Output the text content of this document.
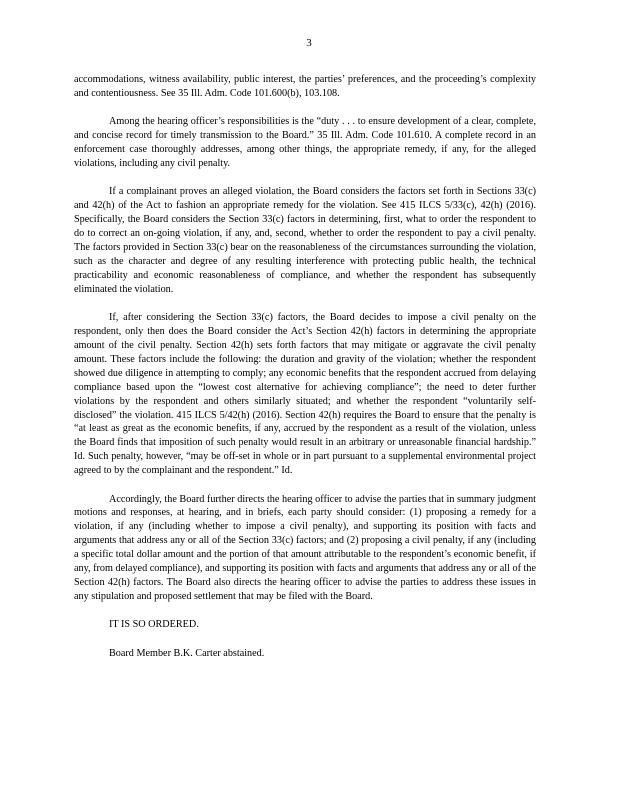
3

accommodations, witness availability, public interest, the parties’ preferences, and the proceeding’s complexity and contentiousness. See 35 Ill. Adm. Code 101.600(b), 103.108.

Among the hearing officer’s responsibilities is the “duty . . . to ensure development of a clear, complete, and concise record for timely transmission to the Board.” 35 Ill. Adm. Code 101.610. A complete record in an enforcement case thoroughly addresses, among other things, the appropriate remedy, if any, for the alleged violations, including any civil penalty.

If a complainant proves an alleged violation, the Board considers the factors set forth in Sections 33(c) and 42(h) of the Act to fashion an appropriate remedy for the violation. See 415 ILCS 5/33(c), 42(h) (2016). Specifically, the Board considers the Section 33(c) factors in determining, first, what to order the respondent to do to correct an on-going violation, if any, and, second, whether to order the respondent to pay a civil penalty. The factors provided in Section 33(c) bear on the reasonableness of the circumstances surrounding the violation, such as the character and degree of any resulting interference with protecting public health, the technical practicability and economic reasonableness of compliance, and whether the respondent has subsequently eliminated the violation.

If, after considering the Section 33(c) factors, the Board decides to impose a civil penalty on the respondent, only then does the Board consider the Act’s Section 42(h) factors in determining the appropriate amount of the civil penalty. Section 42(h) sets forth factors that may mitigate or aggravate the civil penalty amount. These factors include the following: the duration and gravity of the violation; whether the respondent showed due diligence in attempting to comply; any economic benefits that the respondent accrued from delaying compliance based upon the “lowest cost alternative for achieving compliance”; the need to deter further violations by the respondent and others similarly situated; and whether the respondent “voluntarily self-disclosed” the violation. 415 ILCS 5/42(h) (2016). Section 42(h) requires the Board to ensure that the penalty is “at least as great as the economic benefits, if any, accrued by the respondent as a result of the violation, unless the Board finds that imposition of such penalty would result in an arbitrary or unreasonable financial hardship.” Id. Such penalty, however, “may be off-set in whole or in part pursuant to a supplemental environmental project agreed to by the complainant and the respondent.” Id.

Accordingly, the Board further directs the hearing officer to advise the parties that in summary judgment motions and responses, at hearing, and in briefs, each party should consider: (1) proposing a remedy for a violation, if any (including whether to impose a civil penalty), and supporting its position with facts and arguments that address any or all of the Section 33(c) factors; and (2) proposing a civil penalty, if any (including a specific total dollar amount and the portion of that amount attributable to the respondent’s economic benefit, if any, from delayed compliance), and supporting its position with facts and arguments that address any or all of the Section 42(h) factors. The Board also directs the hearing officer to advise the parties to address these issues in any stipulation and proposed settlement that may be filed with the Board.

IT IS SO ORDERED.

Board Member B.K. Carter abstained.
